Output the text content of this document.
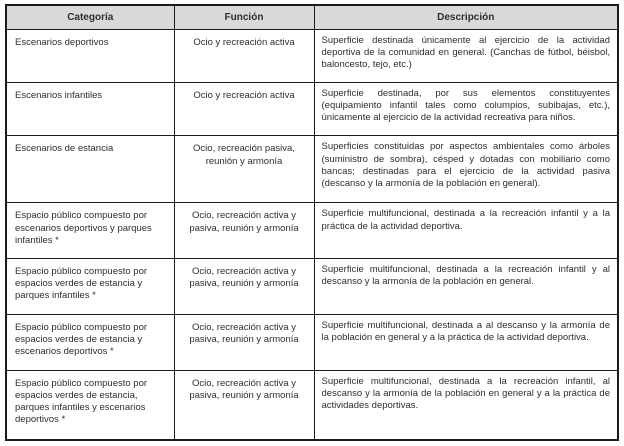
Categoría	Función	Descripción
Escenarios deportivos	Ocio y recreación activa	Superficie destinada únicamente al ejercicio de la actividad deportiva de la comunidad en general. (Canchas de fútbol, béisbol, baloncesto, tejo, etc.)
Escenarios infantiles	Ocio y recreación activa	Superficie destinada, por sus elementos constituyentes (equipamiento infantil tales como columpios, subibajas, etc.), únicamente al ejercicio de la actividad recreativa para niños.
Escenarios de estancia	Ocio, recreación pasiva, reunión y armonía	Superficies constituidas por aspectos ambientales como árboles (suministro de sombra), césped y dotadas con mobiliario como bancas; destinadas para el ejercicio de la actividad pasiva (descanso y la armonía de la población en general).
Espacio público compuesto por escenarios deportivos y parques infantiles *	Ocio, recreación activa y pasiva, reunión y armonía	Superficie multifuncional, destinada a la recreación infantil y a la práctica de la actividad deportiva.
Espacio público compuesto por espacios verdes de estancia y parques infantiles *	Ocio, recreación activa y pasiva, reunión y armonía	Superficie multifuncional, destinada a la recreación infantil y al descanso y la armonía de la población en general.
Espacio público compuesto por espacios verdes de estancia y escenarios deportivos *	Ocio, recreación activa y pasiva, reunión y armonía	Superficie multifuncional, destinada a al descanso y la armonía de la población en general y a la práctica de la actividad deportiva.
Espacio público compuesto por espacios verdes de estancia, parques infantiles y escenarios deportivos *	Ocio, recreación activa y pasiva, reunión y armonía	Superficie multifuncional, destinada a la recreación infantil, al descanso y la armonía de la población en general y a la práctica de actividades deportivas.
